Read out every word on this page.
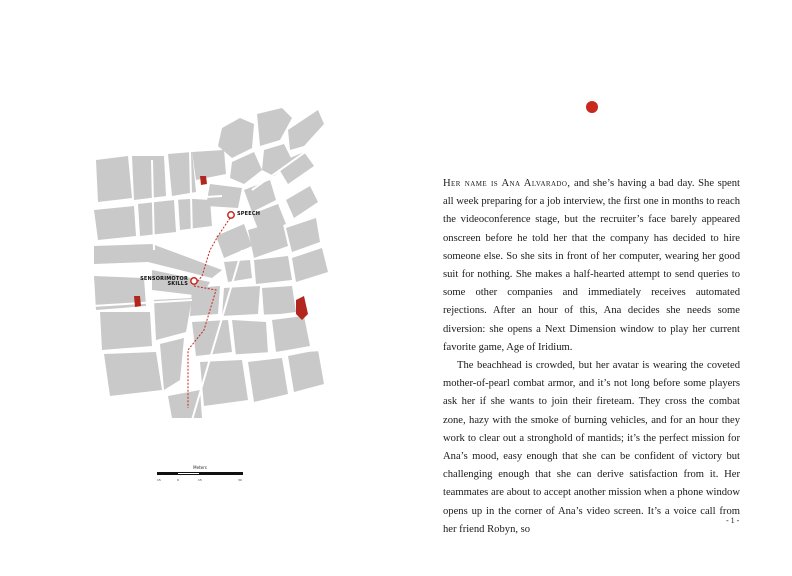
SPEECH
SENSORIMOTOR SKILLS
Meters
15	0	15	30

Her name is Ana Alvarado, and she’s having a bad day. She spent all week preparing for a job interview, the first one in months to reach the videoconference stage, but the recruiter’s face barely appeared onscreen before he told her that the company has decided to hire someone else. So she sits in front of her computer, wearing her good suit for nothing. She makes a half-hearted attempt to send queries to some other companies and immediately receives automated rejections. After an hour of this, Ana decides she needs some diversion: she opens a Next Dimension window to play her current favorite game, Age of Iridium.

The beachhead is crowded, but her avatar is wearing the coveted mother-of-pearl combat armor, and it’s not long before some players ask her if she wants to join their fireteam. They cross the combat zone, hazy with the smoke of burning vehicles, and for an hour they work to clear out a stronghold of mantids; it’s the perfect mission for Ana’s mood, easy enough that she can be confident of victory but challenging enough that she can derive satisfaction from it. Her teammates are about to accept another mission when a phone window opens up in the corner of Ana’s video screen. It’s a voice call from her friend Robyn, so

- 1 -
